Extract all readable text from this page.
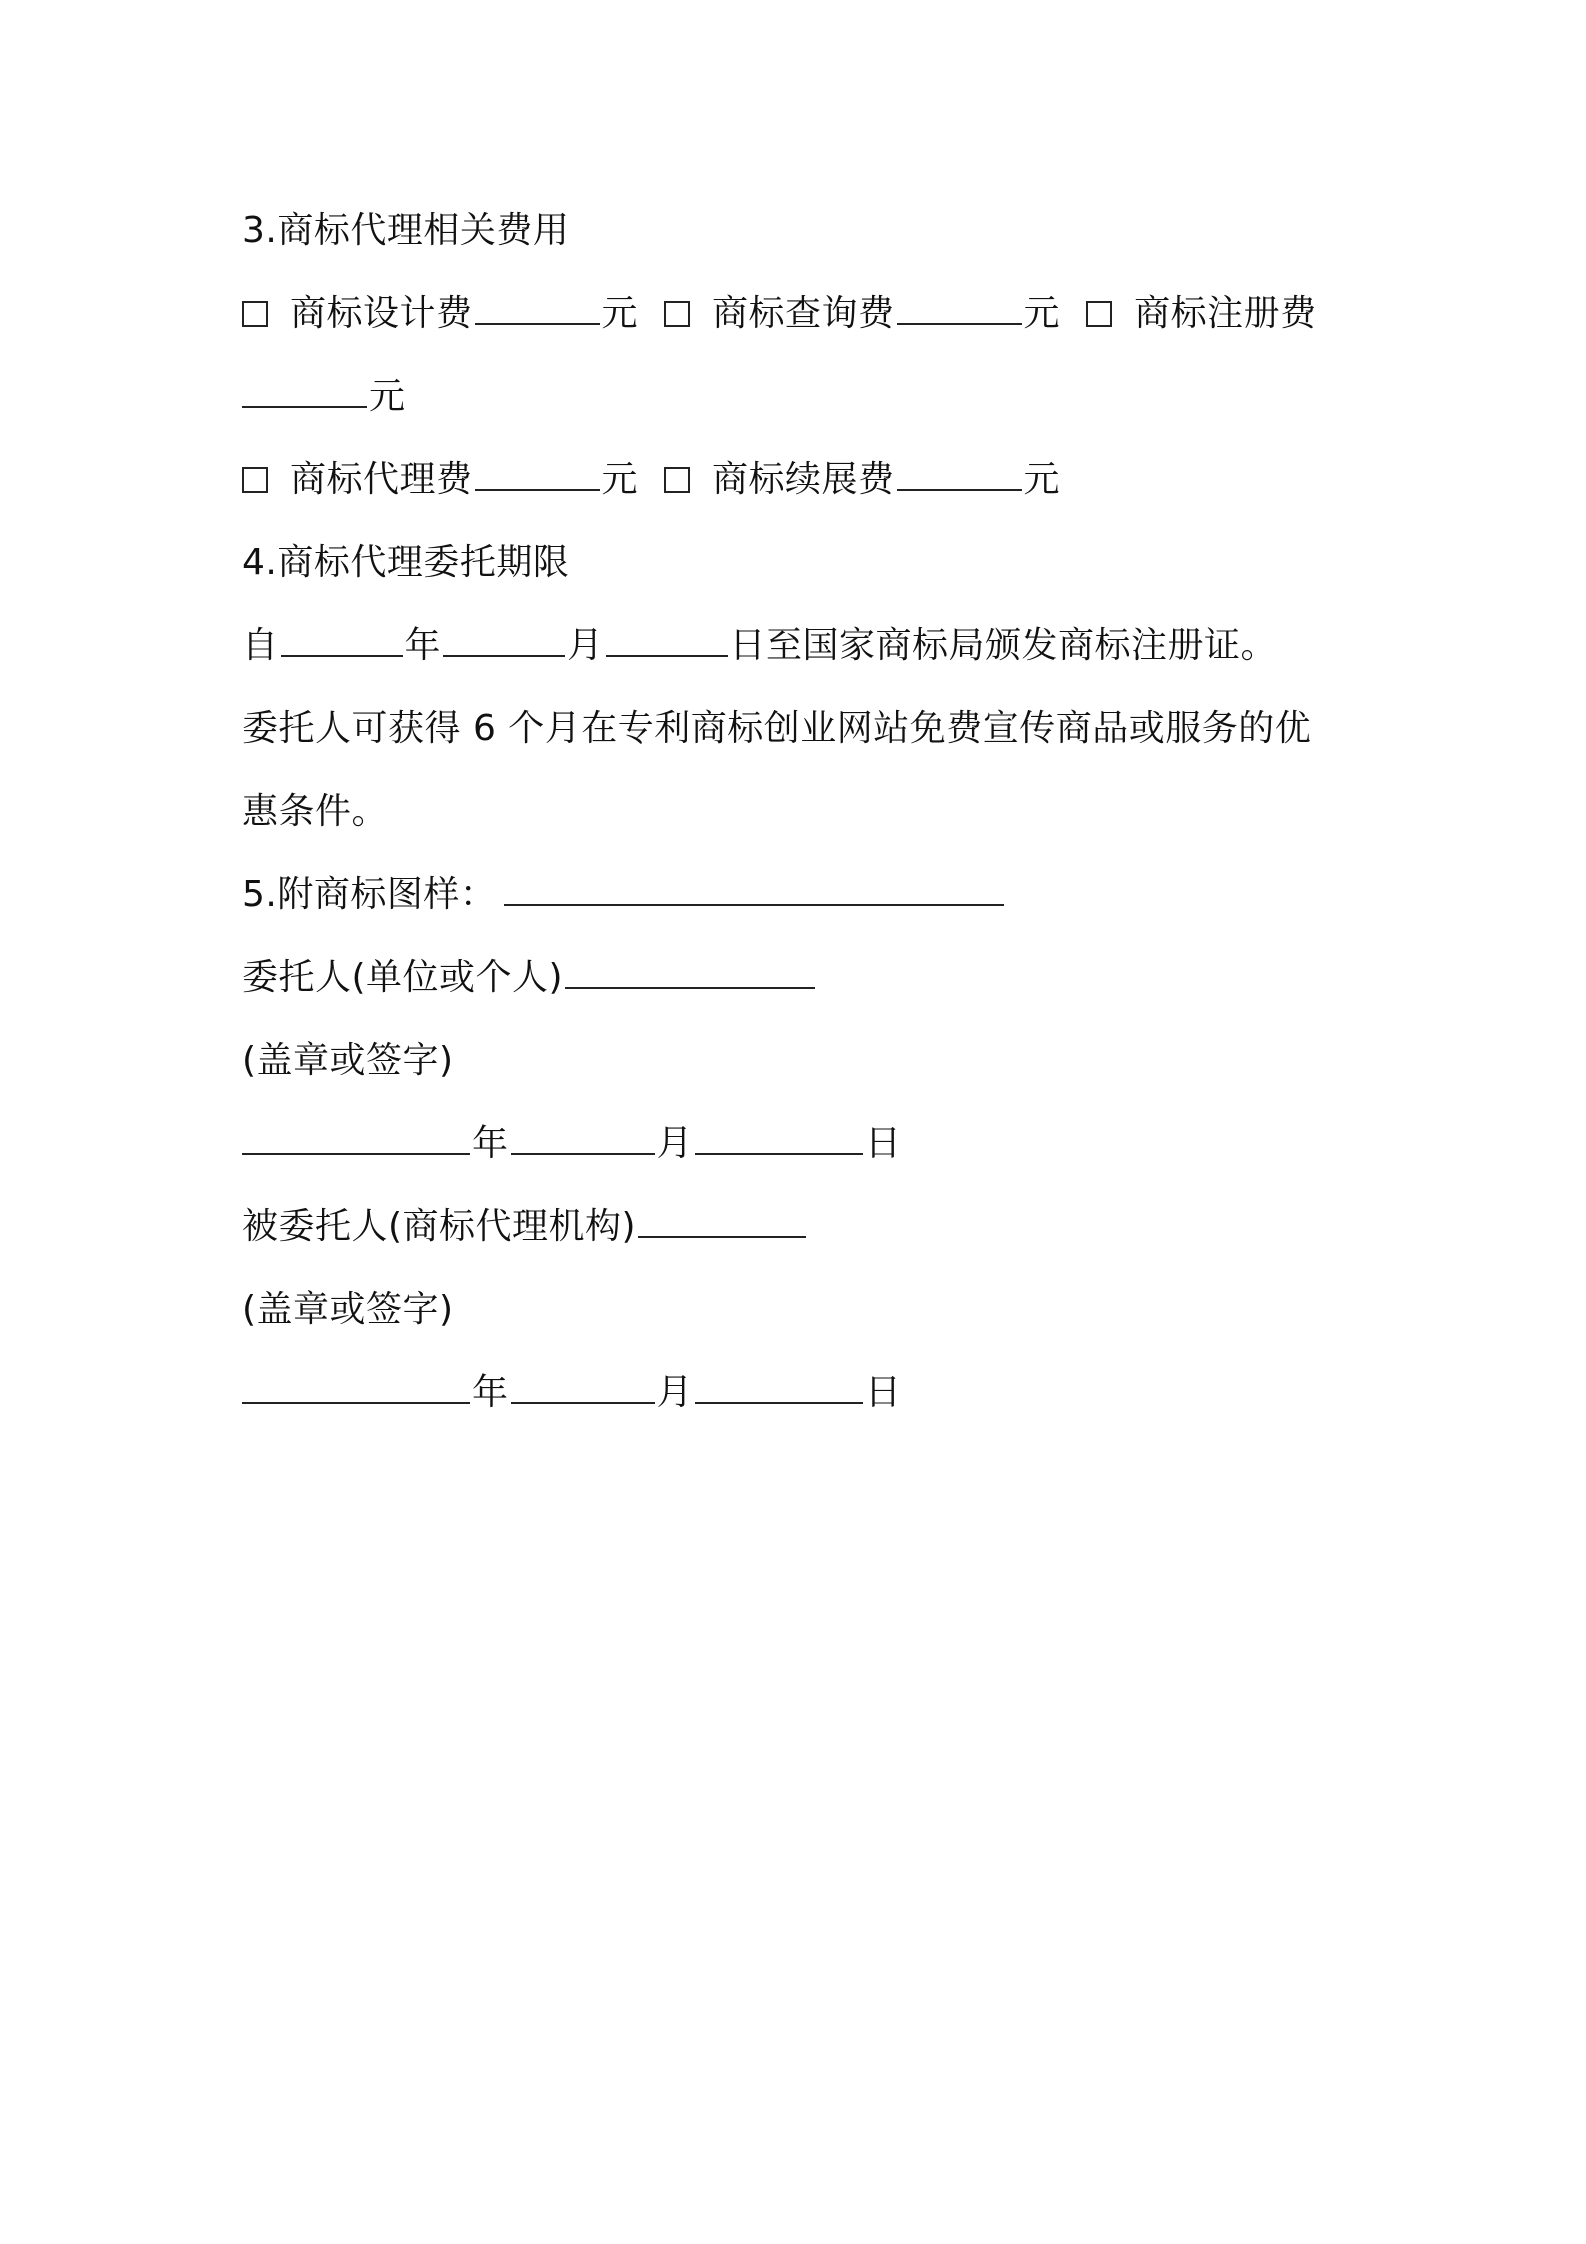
3.商标代理相关费用
商标设计费	元 商标查询费	元 商标注册费
元
商标代理费	元 商标续展费	元
4.商标代理委托期限
自	年	月	日至国家商标局颁发商标注册证。
委托人可获得 6 个月在专利商标创业网站免费宣传商品或服务的优
惠条件。
5.附商标图样：
委托人(单位或个人)
(盖章或签字)
年	月	日
被委托人(商标代理机构)
(盖章或签字)
年	月	日
